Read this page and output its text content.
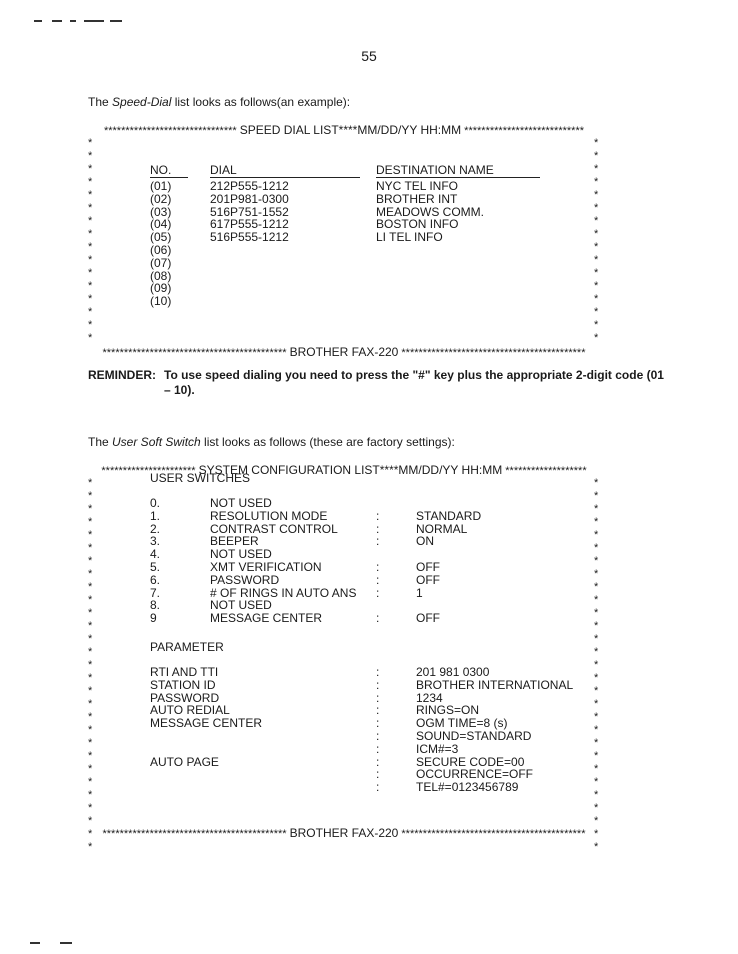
55
The Speed-Dial list looks as follows(an example):
******************************* SPEED DIAL LIST****MM/DD/YY HH:MM ****************************
*
*
*
*
*
*
*
*
*
*
*
*
*
*
*
*
*
*
*
*
*
*
*
*
*
*
*
*
*
*
*
*
NO.	DIAL	DESTINATION NAME
(01)	212P555-1212	NYC TEL INFO
(02)	201P981-0300	BROTHER INT
(03)	516P751-1552	MEADOWS COMM.
(04)	617P555-1212	BOSTON INFO
(05)	516P555-1212	LI TEL INFO
(06)
(07)
(08)
(09)
(10)
******************************************* BROTHER FAX-220 *******************************************
REMINDER: To use speed dialing you need to press the "#" key plus the appropriate 2-digit code (01 – 10).
The User Soft Switch list looks as follows (these are factory settings):
********************** SYSTEM CONFIGURATION LIST****MM/DD/YY HH:MM *******************
*
*
*
*
*
*
*
*
*
*
*
*
*
*
*
*
*
*
*
*
*
*
*
*
*
*
*
*
*
*
*
*
*
*
*
*
*
*
*
*
*
*
*
*
*
*
*
*
*
*
*
*
*
*
*
*
*
*
USER SWITCHES
0.	NOT USED
1.	RESOLUTION MODE	:	STANDARD
2.	CONTRAST CONTROL	:	NORMAL
3.	BEEPER	:	ON
4.	NOT USED
5.	XMT VERIFICATION	:	OFF
6.	PASSWORD	:	OFF
7.	# OF RINGS IN AUTO ANS :	1
8.	NOT USED
9	MESSAGE CENTER	:	OFF
PARAMETER
RTI AND TTI	:	201 981 0300
STATION ID	:	BROTHER INTERNATIONAL
PASSWORD	:	1234
AUTO REDIAL	:	RINGS=ON
MESSAGE CENTER	:	OGM TIME=8 (s)
:	SOUND=STANDARD
:	ICM#=3
AUTO PAGE	:	SECURE CODE=00
:	OCCURRENCE=OFF
:	TEL#=0123456789
******************************************* BROTHER FAX-220 *******************************************
